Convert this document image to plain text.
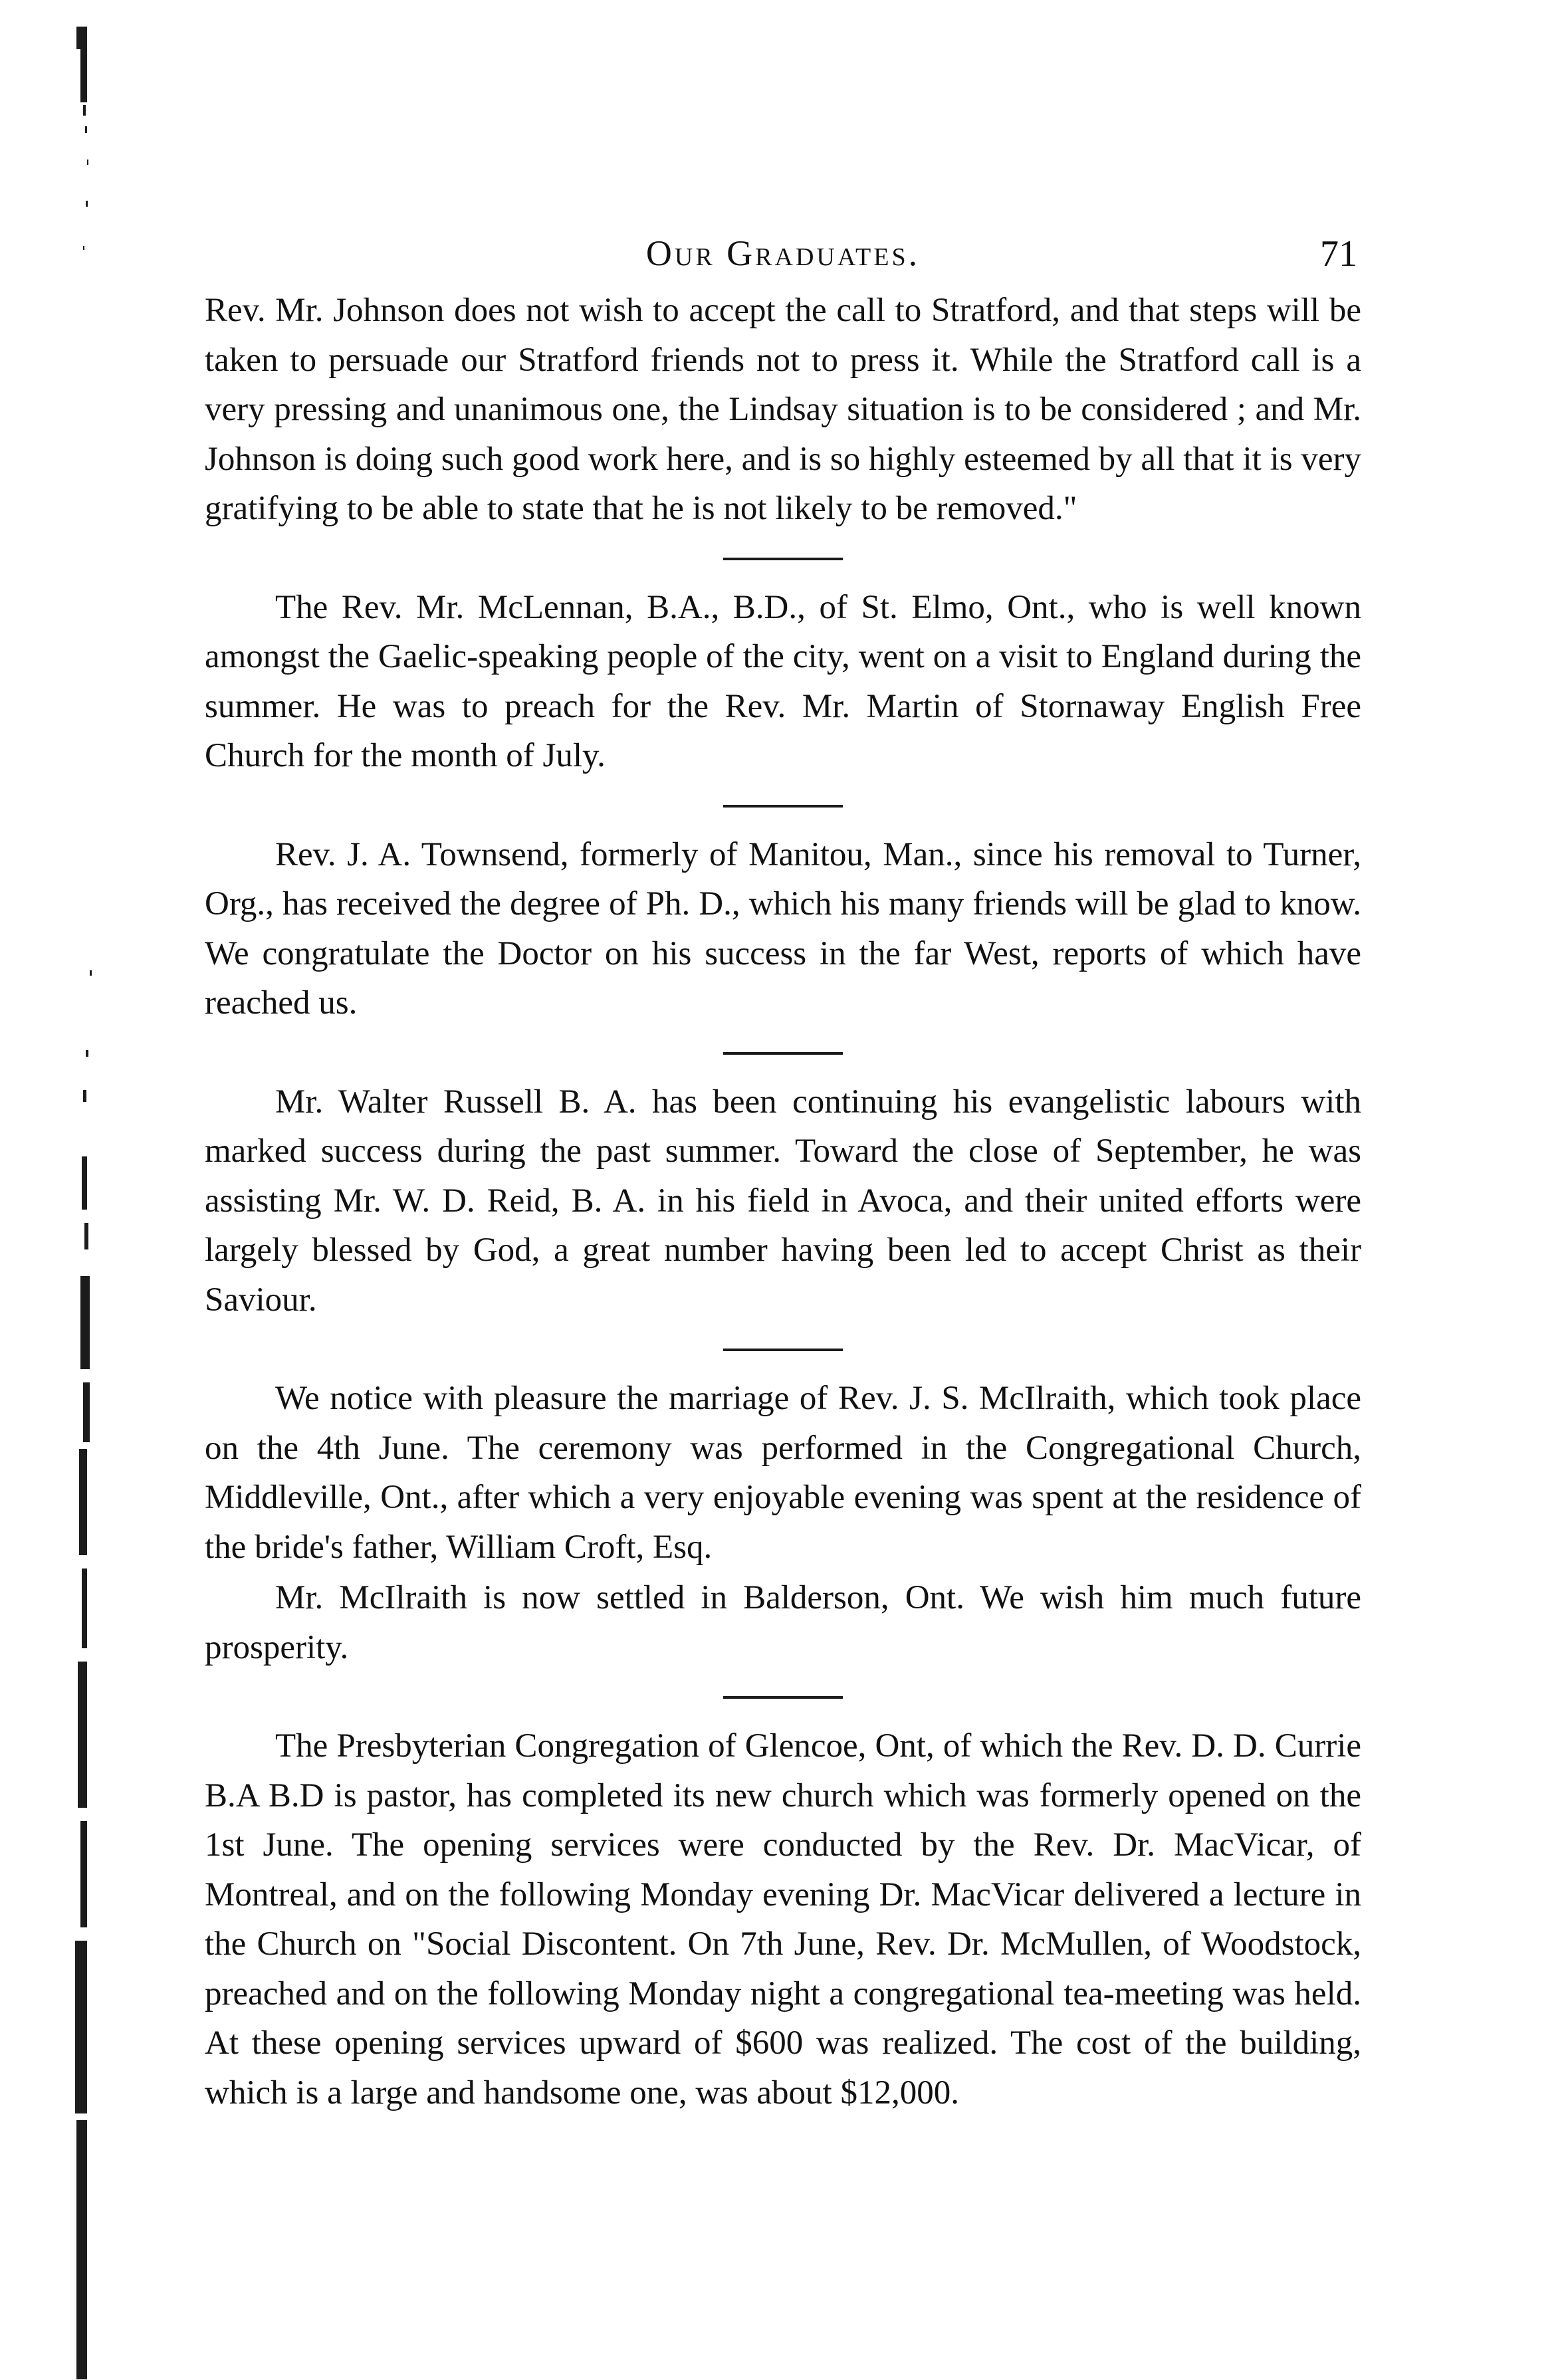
Our Graduates.	71

Rev. Mr. Johnson does not wish to accept the call to Stratford, and that steps will be taken to persuade our Stratford friends not to press it. While the Stratford call is a very pressing and unanimous one, the Lindsay situation is to be considered ; and Mr. Johnson is doing such good work here, and is so highly esteemed by all that it is very gratifying to be able to state that he is not likely to be removed."

The Rev. Mr. McLennan, B.A., B.D., of St. Elmo, Ont., who is well known amongst the Gaelic-speaking people of the city, went on a visit to England during the summer. He was to preach for the Rev. Mr. Martin of Stornaway English Free Church for the month of July.

Rev. J. A. Townsend, formerly of Manitou, Man., since his removal to Turner, Org., has received the degree of Ph. D., which his many friends will be glad to know. We congratulate the Doctor on his success in the far West, reports of which have reached us.

Mr. Walter Russell B. A. has been continuing his evangelistic labours with marked success during the past summer. Toward the close of September, he was assisting Mr. W. D. Reid, B. A. in his field in Avoca, and their united efforts were largely blessed by God, a great number having been led to accept Christ as their Saviour.

We notice with pleasure the marriage of Rev. J. S. McIlraith, which took place on the 4th June. The ceremony was performed in the Congregational Church, Middleville, Ont., after which a very enjoyable evening was spent at the residence of the bride's father, William Croft, Esq.

Mr. McIlraith is now settled in Balderson, Ont. We wish him much future prosperity.

The Presbyterian Congregation of Glencoe, Ont, of which the Rev. D. D. Currie B.A B.D is pastor, has completed its new church which was formerly opened on the 1st June. The opening services were conducted by the Rev. Dr. MacVicar, of Montreal, and on the following Monday evening Dr. MacVicar delivered a lecture in the Church on "Social Discontent. On 7th June, Rev. Dr. McMullen, of Woodstock, preached and on the following Monday night a congregational tea-meeting was held. At these opening services upward of $600 was realized. The cost of the building, which is a large and handsome one, was about $12,000.
